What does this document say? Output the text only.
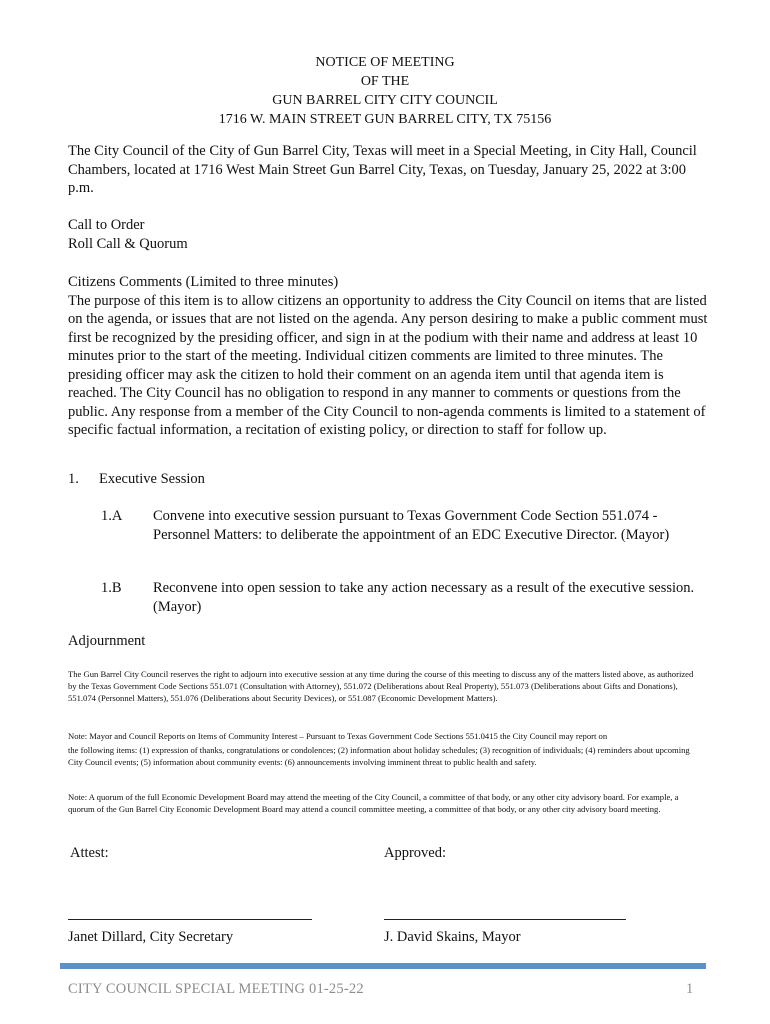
NOTICE OF MEETING
OF THE
GUN BARREL CITY CITY COUNCIL
1716 W. MAIN STREET GUN BARREL CITY, TX 75156
The City Council of the City of Gun Barrel City, Texas will meet in a Special Meeting, in City Hall, Council Chambers, located at 1716 West Main Street Gun Barrel City, Texas, on Tuesday, January 25, 2022 at 3:00 p.m.
Call to Order
Roll Call & Quorum
Citizens Comments (Limited to three minutes)
The purpose of this item is to allow citizens an opportunity to address the City Council on items that are listed on the agenda, or issues that are not listed on the agenda. Any person desiring to make a public comment must first be recognized by the presiding officer, and sign in at the podium with their name and address at least 10 minutes prior to the start of the meeting. Individual citizen comments are limited to three minutes. The presiding officer may ask the citizen to hold their comment on an agenda item until that agenda item is reached. The City Council has no obligation to respond in any manner to comments or questions from the public. Any response from a member of the City Council to non-agenda comments is limited to a statement of specific factual information, a recitation of existing policy, or direction to staff for follow up.
1. Executive Session
1.A Convene into executive session pursuant to Texas Government Code Section 551.074 - Personnel Matters: to deliberate the appointment of an EDC Executive Director. (Mayor)
1.B Reconvene into open session to take any action necessary as a result of the executive session. (Mayor)
Adjournment
The Gun Barrel City Council reserves the right to adjourn into executive session at any time during the course of this meeting to discuss any of the matters listed above, as authorized by the Texas Government Code Sections 551.071 (Consultation with Attorney), 551.072 (Deliberations about Real Property), 551.073 (Deliberations about Gifts and Donations), 551.074 (Personnel Matters), 551.076 (Deliberations about Security Devices), or 551.087 (Economic Development Matters).
Note: Mayor and Council Reports on Items of Community Interest – Pursuant to Texas Government Code Sections 551.0415 the City Council may report on
the following items: (1) expression of thanks, congratulations or condolences; (2) information about holiday schedules; (3) recognition of individuals; (4) reminders about upcoming City Council events; (5) information about community events: (6) announcements involving imminent threat to public health and safety.
Note: A quorum of the full Economic Development Board may attend the meeting of the City Council, a committee of that body, or any other city advisory board. For example, a quorum of the Gun Barrel City Economic Development Board may attend a council committee meeting, a committee of that body, or any other city advisory board meeting.
Attest:	Approved:
Janet Dillard, City Secretary	J. David Skains, Mayor
CITY COUNCIL SPECIAL MEETING 01-25-22	1
